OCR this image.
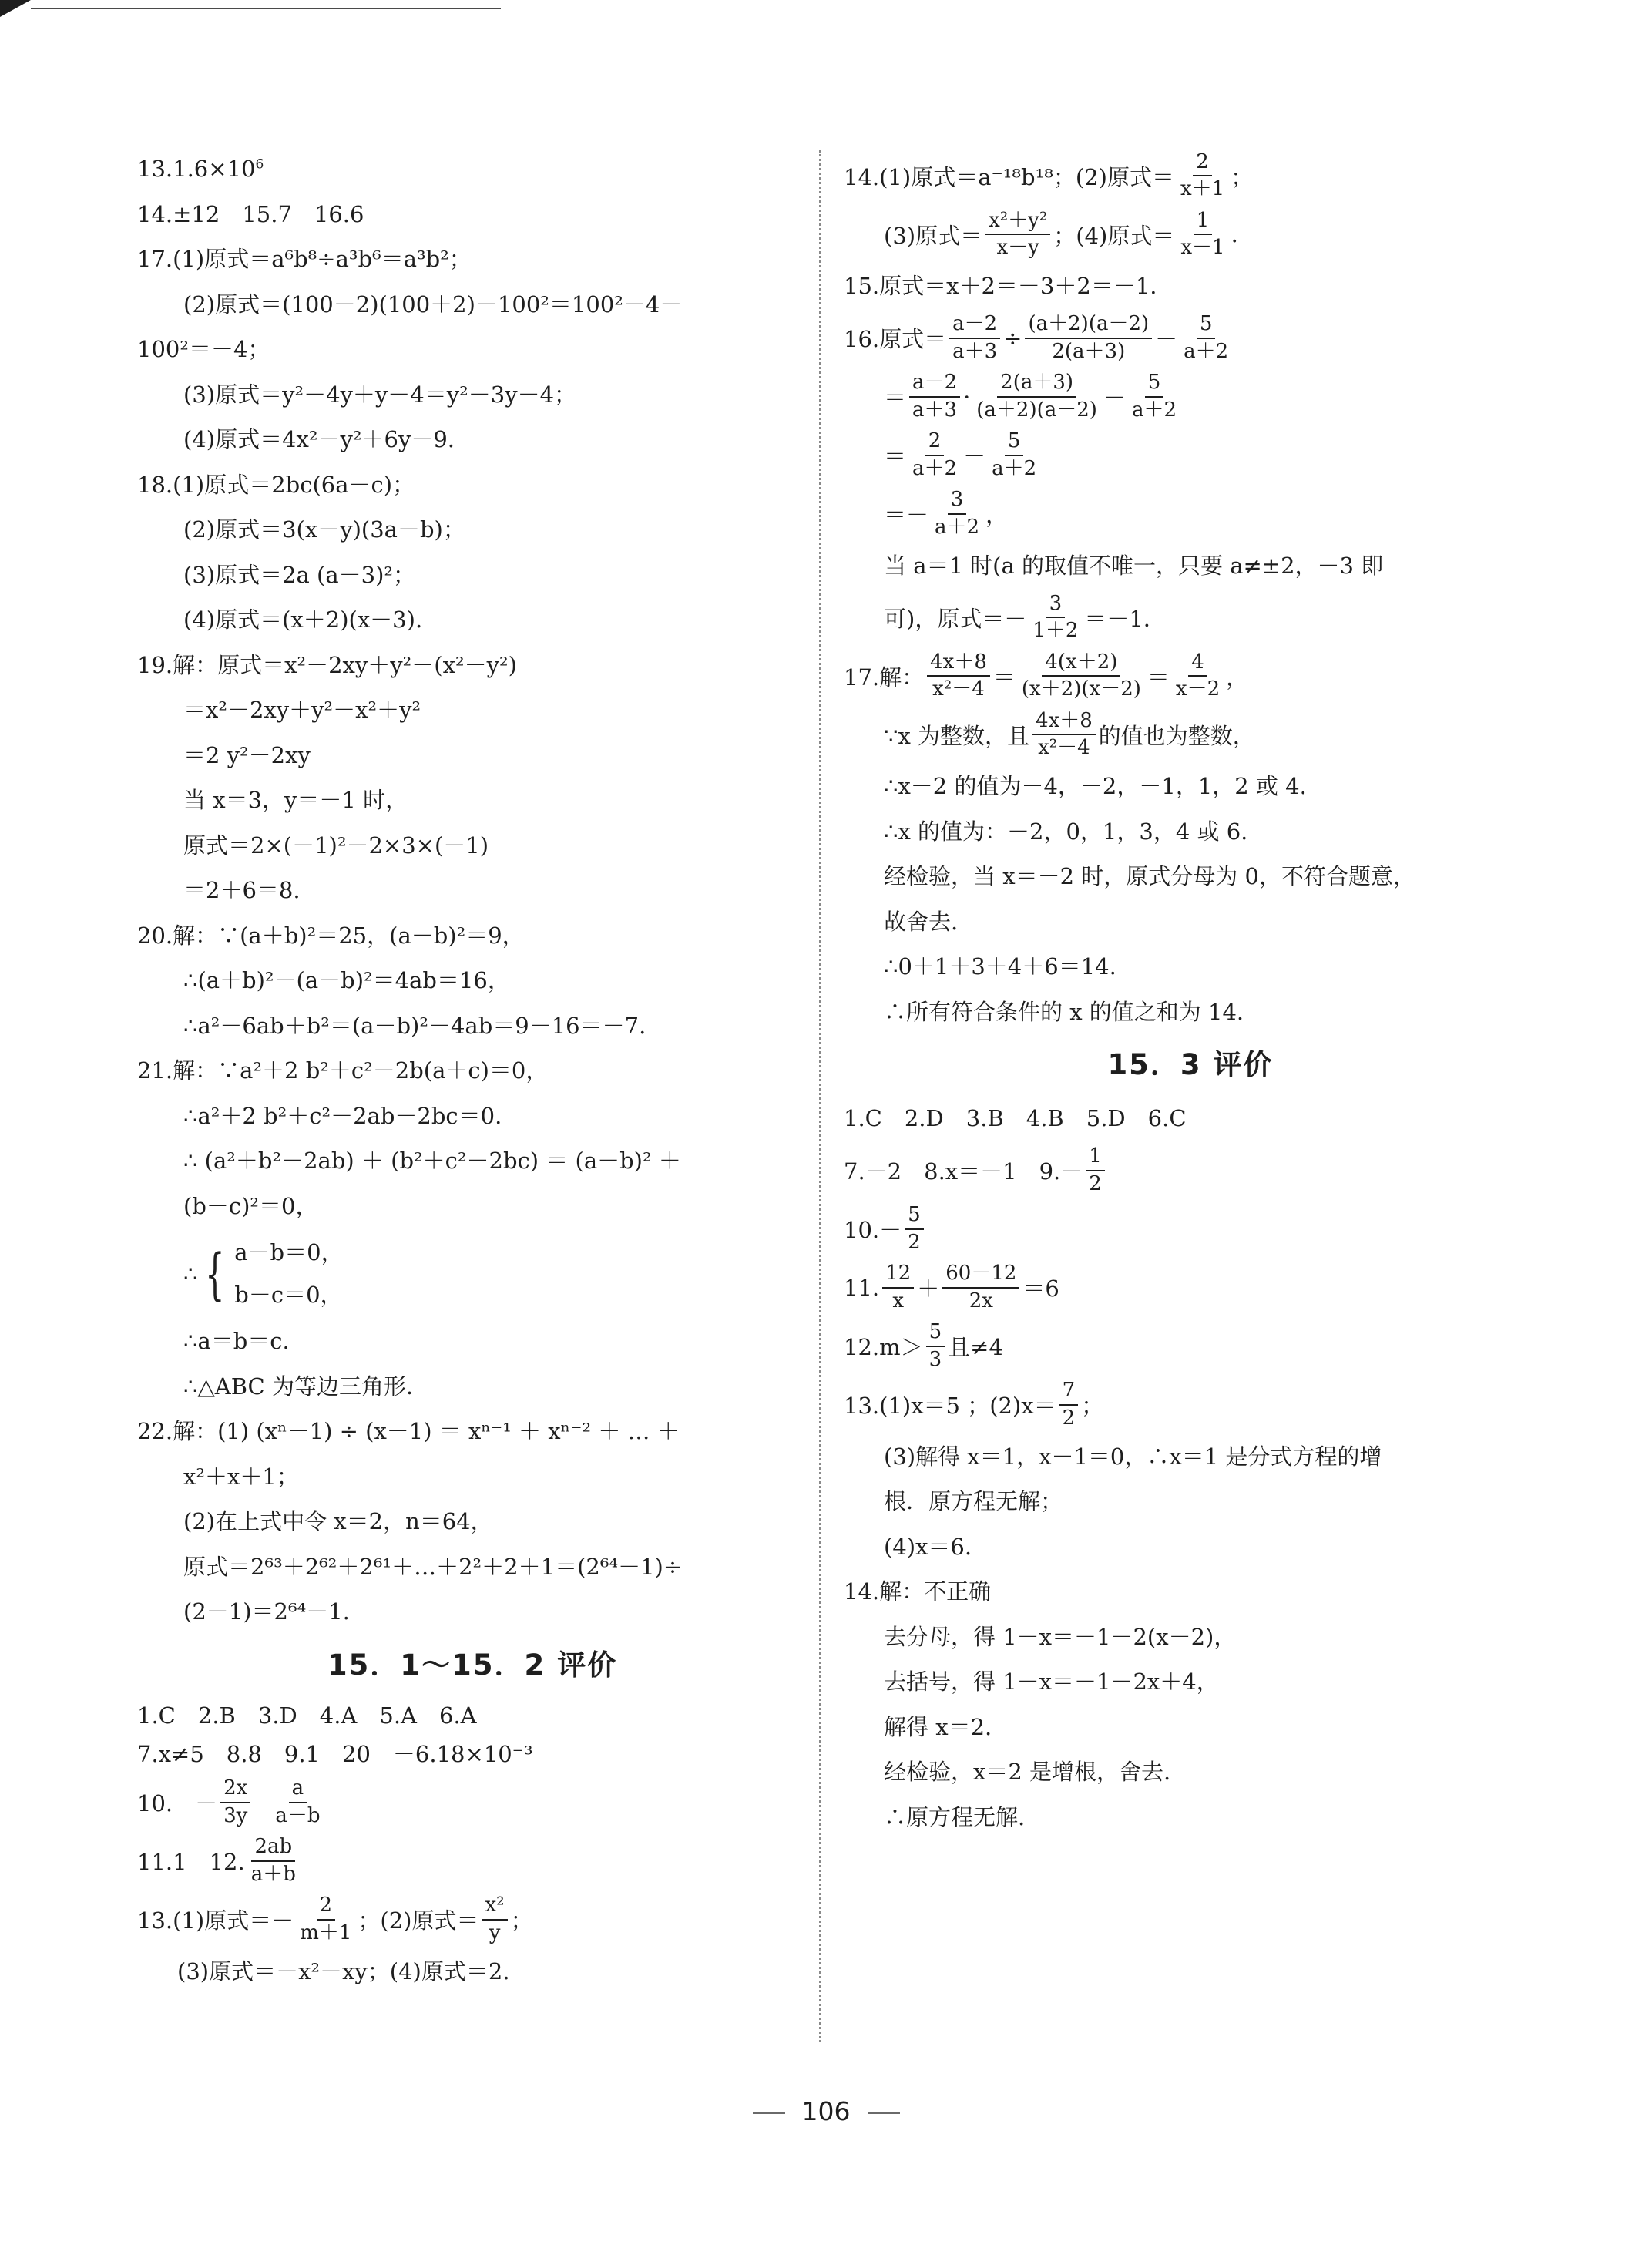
$13.1.6\times 10^6$
14.±12　15.7　16.6
17.(1)原式＝a⁶b⁸÷a³b⁶＝a³b²；
(2)原式＝(100－2)(100＋2)－100²＝100²－4－
100²＝－4；
(3)原式＝y²－4y＋y－4＝y²－3y－4；
(4)原式＝4x²－y²＋6y－9.
18.(1)原式＝2bc(6a－c)；
(2)原式＝3(x－y)(3a－b)；
(3)原式＝2a (a－3)²；
(4)原式＝(x＋2)(x－3).
19.解：原式＝x²－2xy＋y²－(x²－y²)
＝x²－2xy＋y²－x²＋y²
＝2 y²－2xy
当 x＝3，y＝－1 时，
原式＝2×(－1)²－2×3×(－1)
＝2＋6＝8.
20.解：∵(a＋b)²＝25，(a－b)²＝9，
∴(a＋b)²－(a－b)²＝4ab＝16，
∴a²－6ab＋b²＝(a－b)²－4ab＝9－16＝－7.
21.解：∵a²＋2 b²＋c²－2b(a＋c)＝0，
∴a²＋2 b²＋c²－2ab－2bc＝0.
∴ (a²＋b²－2ab) ＋ (b²＋c²－2bc) ＝ (a－b)² ＋
(b－c)²＝0，
∴ { a－b＝0，
b－c＝0，
∴a＝b＝c.
∴△ABC 为等边三角形．
22.解：(1) (xⁿ－1) ÷ (x－1) ＝ xⁿ⁻¹ ＋ xⁿ⁻² ＋ … ＋
x²＋x＋1；
(2)在上式中令 x＝2，n＝64，
原式＝2⁶³＋2⁶²＋2⁶¹＋…＋2²＋2＋1＝(2⁶⁴－1)÷
(2－1)＝2⁶⁴－1.
15．1～15．2 评价
1.C　2.B　3.D　4.A　5.A　6.A
7.x≠5　8.8　9.1　20　－6.18×10⁻³
10.　－
2x
3y
a
a－b
11.1　12.
2ab
a＋b
13.(1)原式＝－
2
m＋1 ；(2)原式＝
x²
y ；
(3)原式＝－x²－xy；(4)原式＝2.
14.(1)原式＝a⁻¹⁸b¹⁸；(2)原式＝
2
x＋1 ；
(3)原式＝
x²＋y²
x－y ；(4)原式＝
1
x－1 .
15.原式＝x＋2＝－3＋2＝－1.
16.原式＝ $\frac{a-2}{a+3} \div \frac{(a+2)(a-2)}{2(a+3)}$ －
5
a＋2
＝
a－2
a＋3 ·
2(a＋3)
(a＋2)(a－2) －
5
a＋2
＝
2
a＋2 －
5
a＋2
＝－
3
a＋2 ，
当 a＝1 时(a 的取值不唯一，只要 a≠±2，－3 即
可)，原式＝－
3
1＋2 ＝－1．
17.解：
4x＋8
x²－4 ＝
4(x＋2)
(x＋2)(x－2) ＝
4
x－2 ，
∵x 为整数，且
4x＋8
x²－4 的值也为整数，
∴x－2 的值为－4，－2，－1，1，2 或 4.
∴x 的值为：－2，0，1，3，4 或 6.
经检验，当 x＝－2 时，原式分母为 0，不符合题意，
故舍去.
∴0＋1＋3＋4＋6＝14.
∴所有符合条件的 x 的值之和为 14.
15．3 评价
1.C　2.D　3.B　4.B　5.D　6.C
7.－2　8.x＝－1　9.－
1
2
10.－
5
2
11.
12
x ＋
60－12
2x ＝6
12.m＞
5
3 且≠4
13.(1)x＝5 ；(2)x＝
7
2 ；
(3)解得 x＝1，x－1＝0，∴x＝1 是分式方程的增
根．原方程无解；
(4)x＝6.
14.解：不正确
去分母，得 1－x＝－1－2(x－2)，
去括号，得 1－x＝－1－2x＋4，
解得 x＝2.
经检验，x＝2 是增根，舍去.
∴原方程无解.
106
